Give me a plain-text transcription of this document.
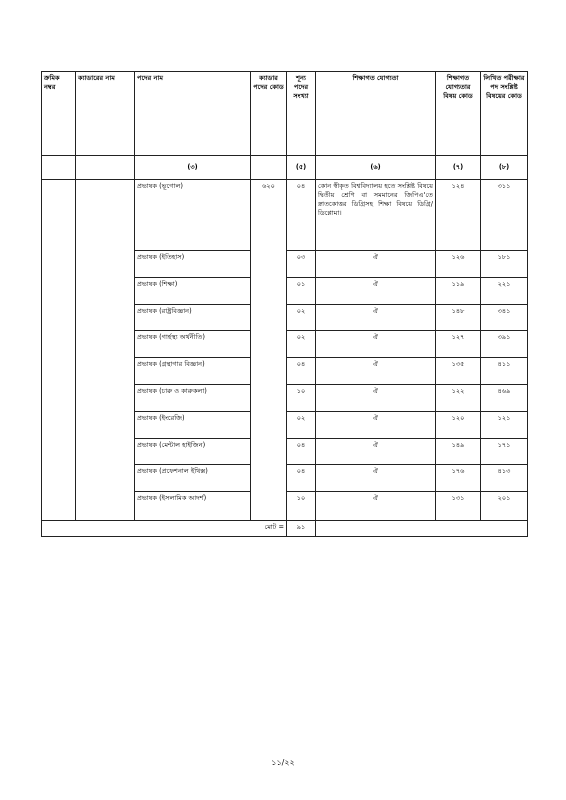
ক্রমিক নম্বর	ক্যাডারের নাম	পদের নাম	ক্যাডার পদের কোড	শূন্য পদের সংখ্যা	শিক্ষাগত যোগ্যতা	শিক্ষাগত যোগ্যতার বিষয় কোড	লিখিত পরীক্ষার পদ সংশ্লিষ্ট বিষয়ের কোড
		(৩)		(৫)	(৬)	(৭)	(৮)
		প্রভাষক (ভূগোল)	৬২০	০৪	কোন স্বীকৃত বিশ্ববিদ্যালয় হতে সংশ্লিষ্ট বিষয়ে দ্বিতীয় শ্রেণি বা সমমানের জিপিএ'তে স্নাতকোত্তর ডিগ্রিসহ শিক্ষা বিষয়ে ডিগ্রি/ডিপ্লোমা।	১২৪	৩১১
		প্রভাষক (ইতিহাস)		০৩	ঐ	১২৬	১৮১
		প্রভাষক (শিক্ষা)		০১	ঐ	১১৯	২২১
		প্রভাষক (রাষ্ট্রবিজ্ঞান)		০২	ঐ	১৪৮	৩৪১
		প্রভাষক (গার্হস্থ্য অর্থনীতি)		০২	ঐ	১২৭	৩৯১
		প্রভাষক (গ্রন্থাগার বিজ্ঞান)		০৪	ঐ	১৩৫	৪১১
		প্রভাষক (চারু ও কারুকলা)		১০	ঐ	১২২	৪৬৯
		প্রভাষক (ইংরেজি)		০২	ঐ	১২০	১২১
		প্রভাষক (মেন্টাল হাইজিন)		০৪	ঐ	১৪৯	১৭১
		প্রভাষক (প্রফেশনাল ইথিক্স)		০৪	ঐ	১৭৬	৪১৩
		প্রভাষক (ইসলামিক আদর্শ)		১০	ঐ	১৩১	২০১
মোট =				৯১			
১১/২২
